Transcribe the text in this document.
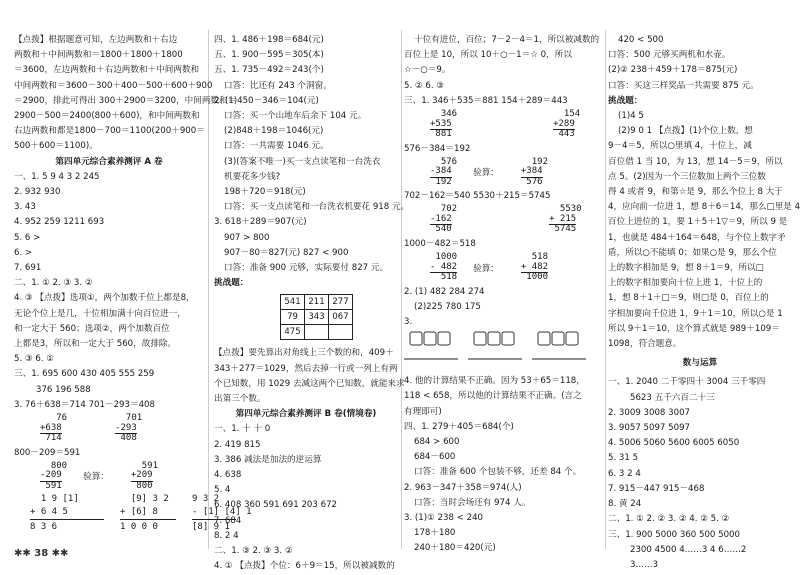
【点拨】根据题意可知，左边两数和＋右边
两数和＋中间两数和＝1800＋1800＋1800
＝3600，左边两数和＋右边两数和＋中间两数和
中间两数和＝3600－300＋400－500＋600＋900
＝2900，排此可得出 300＋2900＝3200，中间两数和＝
2900－500＝2400(800＋600)，和中间两数和
右边两数和都是1800－700＝1100(200＋900＝
500＋600＝1100)。
第四单元综合素养测评 A 卷
一、1. 5 9 4 3 2 245
2. 932 930
3. 43
4. 952 259 1211 693
5. 6 >
6. >
7. 691
二、1. ① 2. ③ 3. ②
4. ③ 【点拨】选项①，两个加数千位上都是8，
无论个位上是几，十位相加满十向百位进一，
和一定大于 560；选项②，两个加数百位
上都是3，所以和一定大于 560，故排除。
5. ③ 6. ①
三、1. 695 600 430 405 555 259
376 196 588
3. 76＋638＝714 701－293＝408
76
+638
714
701
-293
408
800－209＝591
800
-209
591
验算：
591
+209
800
1 9 [1]
+ 6 4 5
8 3 6
[9] 3 2
+ [6] 8
1 0 0 0
9 3 2
- [1] [4] 1
[8] 9 1
四、1. 486＋198＝684(元)
五、1. 900－595＝305(本)
五、1. 735－492＝243(个)
口答：比还有 243 个洞窗。
2. (1)450－346＝104(元)
口答：买一个山地车后余下 104 元。
(2)848＋198＝1046(元)
口答：一共需要 1046 元。
(3)(答案不唯一)买一支点读笔和一台洗衣
机要花多少钱?
198＋720＝918(元)
口答：买一支点读笔和一台洗衣机要花 918 元。
3. 618＋289＝907(元)
907 > 800
907－80＝827(元) 827 < 900
口答：准备 900 元够，实际要付 827 元。
挑战题：
541 211 277
79	343 067
475
【点拨】要先算出对角线上三个数的和，409＋
343＋277＝1029，然后去掉一行或一列上有两
个已知数，用 1029 去减这两个已知数，就能来求
出第三个数。
第四单元综合素养测评 B 卷(情境卷)
一、1. 十 十 0
2. 419 815
3. 386 减法是加法的逆运算
4. 638
5. 4
6. 408 360 591 691 203 672
7. 684
8. 2 4
二、1. ③ 2. ③ 3. ②
4. ① 【点拨】个位：6＋9＝15，所以被减数的
十位有进位，百位；7－2－4＝1，所以被减数的
百位上是 10，所以 10＋○－1＝☆ 0，所以
☆－○＝9。
5. ② 6. ③
三、1. 346＋535＝881 154＋289＝443
346
+535
881
154
+289
443
576－384＝192
576
-384
192
验算：
192
+384
576
702－162＝540 5530＋215＝5745
702
-162
540
5530
+ 215
5745
1000－482＝518
1000
- 482
518
验算：
518
+ 482
1000
2. (1) 482 284 274
(2)225 780 175
3.
4. 他的计算结果不正确。因为 53＋65＝118，
118 < 658，所以他的计算结果不正确。(言之
有理即可)
四、1. 279＋405＝684(个)
684 > 600
684－600
口答：准备 600 个包装不够，还差 84 个。
2. 963－347＋358＝974(人)
口答：当时会场还有 974 人。
3. (1)① 238 < 240
178＋180
240＋180＝420(元)
420 < 500
口答：500 元够买两机和水壶。
(2)② 238＋459＋178＝875(元)
口答：买这三样奖品一共需要 875 元。
挑战题：
(1)4 5
(2)9 0 1 【点拨】(1)个位上数，想
9－4＝5，所以○里填 4，十位上，减
百位借 1 当 10，为 13，想 14－5＝9，所以
点 5。(2)因为一个三位数加上两个三位数
得 4 或者 9，和第☆是 9，那么个位上 8 大于
4，应向前一位进 1，想 8＋6＝14，那么□里是 4
百位上进位的 1，要 1＋5＋1▽＝9，所以 9 是
1，也就是 484＋164＝648，与个位上数字矛
盾，所以○不能填 0；如果○是 9，那么个位
上的数字相加是 9，想 8＋1＝9，所以□
上的数字相加要向十位上进 1，十位上的
1，想 8＋1＋□＝9，则□是 0，百位上的
字相加要向千位进 1，9＋1＝10，所以○是 1
所以 9＋1＝10，这个算式就是 989＋109＝
1098，符合题意。
数与运算
一、1. 2040 二千零四十 3004 三千零四
5623 五千六百二十三
2. 3009 3008 3007
3. 9057 5097 5097
4. 5006 5060 5600 6005 6050
5. 31 5
6. 3 2 4
7. 915－447 915－468
8. 黄 24
二、1. ① 2. ② 3. ② 4. ② 5. ②
三、1. 900 5000 360 500 5000
2300 4500 4……3 4 6……2
3……3
✱✱ 38 ✱✱
